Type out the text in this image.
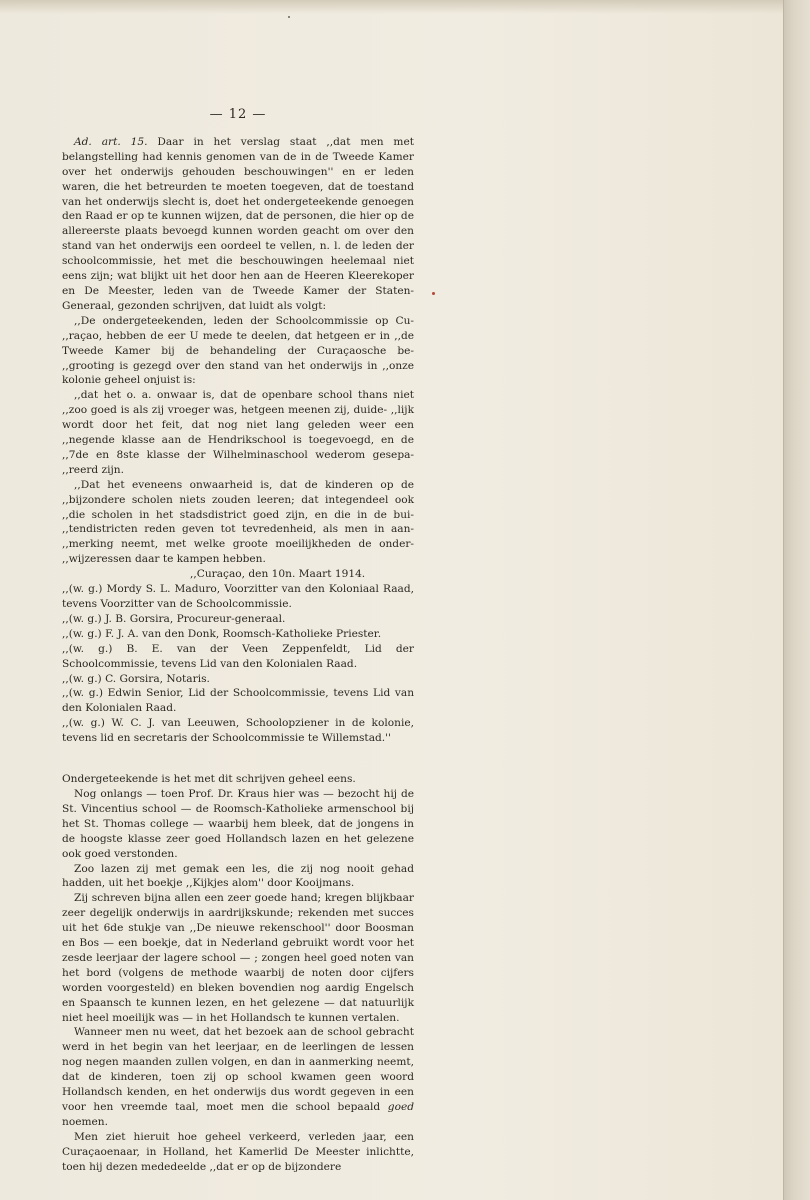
— 12 —

Ad. art. 15. Daar in het verslag staat ,,dat men met belangstelling had kennis genomen van de in de Tweede Kamer over het onderwijs gehouden beschouwingen'' en er leden waren, die het betreurden te moeten toegeven, dat de toestand van het onderwijs slecht is, doet het ondergeteekende genoegen den Raad er op te kunnen wijzen, dat de personen, die hier op de allereerste plaats bevoegd kunnen worden geacht om over den stand van het onderwijs een oordeel te vellen, n. l. de leden der schoolcommissie, het met die beschouwingen heelemaal niet eens zijn; wat blijkt uit het door hen aan de Heeren Kleerekoper en De Meester, leden van de Tweede Kamer der Staten-Generaal, gezonden schrijven, dat luidt als volgt:

,,De ondergeteekenden, leden der Schoolcommissie op Cu- ,,raçao, hebben de eer U mede te deelen, dat hetgeen er in ,,de Tweede Kamer bij de behandeling der Curaçaosche be- ,,grooting is gezegd over den stand van het onderwijs in ,,onze kolonie geheel onjuist is:

,,dat het o. a. onwaar is, dat de openbare school thans niet ,,zoo goed is als zij vroeger was, hetgeen meenen zij, duide- ,,lijk wordt door het feit, dat nog niet lang geleden weer een ,,negende klasse aan de Hendrikschool is toegevoegd, en de ,,7de en 8ste klasse der Wilhelminaschool wederom gesepa- ,,reerd zijn.

,,Dat het eveneens onwaarheid is, dat de kinderen op de ,,bijzondere scholen niets zouden leeren; dat integendeel ook ,,die scholen in het stadsdistrict goed zijn, en die in de bui- ,,tendistricten reden geven tot tevredenheid, als men in aan- ,,merking neemt, met welke groote moeilijkheden de onder- ,,wijzeressen daar te kampen hebben.

,,Curaçao, den 10n. Maart 1914.

,,(w. g.) Mordy S. L. Maduro, Voorzitter van den Koloniaal Raad, tevens Voorzitter van de Schoolcommissie.

,,(w. g.) J. B. Gorsira, Procureur-generaal.

,,(w. g.) F. J. A. van den Donk, Roomsch-Katholieke Priester.

,,(w. g.) B. E. van der Veen Zeppenfeldt, Lid der Schoolcommissie, tevens Lid van den Kolonialen Raad.

,,(w. g.) C. Gorsira, Notaris.

,,(w. g.) Edwin Senior, Lid der Schoolcommissie, tevens Lid van den Kolonialen Raad.

,,(w. g.) W. C. J. van Leeuwen, Schoolopziener in de kolonie, tevens lid en secretaris der Schoolcommissie te Willemstad.''

Ondergeteekende is het met dit schrijven geheel eens.

Nog onlangs — toen Prof. Dr. Kraus hier was — bezocht hij de St. Vincentius school — de Roomsch-Katholieke armenschool bij het St. Thomas college — waarbij hem bleek, dat de jongens in de hoogste klasse zeer goed Hollandsch lazen en het gelezene ook goed verstonden.

Zoo lazen zij met gemak een les, die zij nog nooit gehad hadden, uit het boekje ,,Kijkjes alom'' door Kooijmans.

Zij schreven bijna allen een zeer goede hand; kregen blijkbaar zeer degelijk onderwijs in aardrijkskunde; rekenden met succes uit het 6de stukje van ,,De nieuwe rekenschool'' door Boosman en Bos — een boekje, dat in Nederland gebruikt wordt voor het zesde leerjaar der lagere school — ; zongen heel goed noten van het bord (volgens de methode waarbij de noten door cijfers worden voorgesteld) en bleken bovendien nog aardig Engelsch en Spaansch te kunnen lezen, en het gelezene — dat natuurlijk niet heel moeilijk was — in het Hollandsch te kunnen vertalen.

Wanneer men nu weet, dat het bezoek aan de school gebracht werd in het begin van het leerjaar, en de leerlingen de lessen nog negen maanden zullen volgen, en dan in aanmerking neemt, dat de kinderen, toen zij op school kwamen geen woord Hollandsch kenden, en het onderwijs dus wordt gegeven in een voor hen vreemde taal, moet men die school bepaald goed noemen.

Men ziet hieruit hoe geheel verkeerd, verleden jaar, een Curaçaoenaar, in Holland, het Kamerlid De Meester inlichtte, toen hij dezen mededeelde ,,dat er op de bijzondere
